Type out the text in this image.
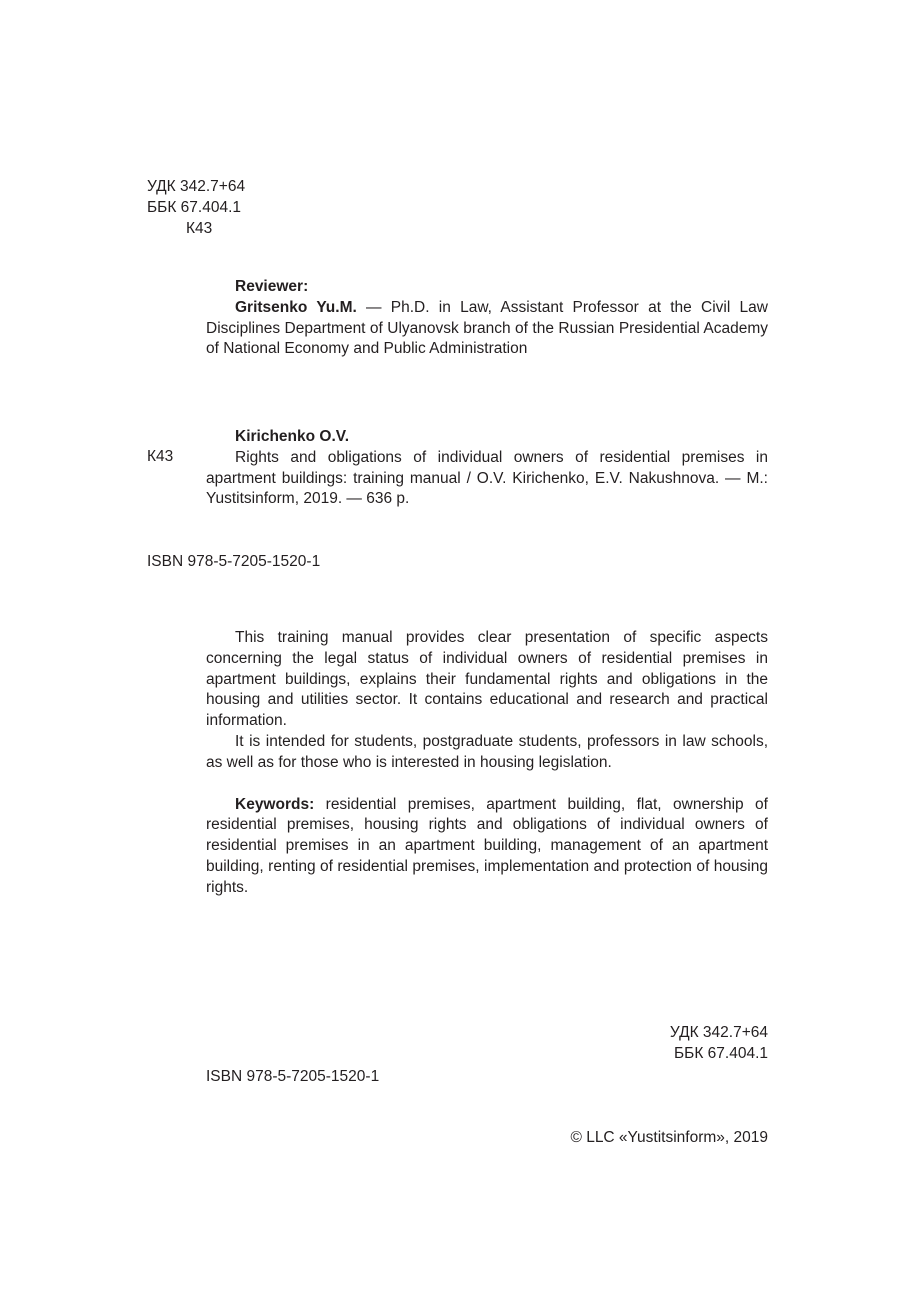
УДК 342.7+64
ББК 67.404.1
К43

Reviewer:

Gritsenko Yu.M. — Ph.D. in Law, Assistant Professor at the Civil Law Disciplines Department of Ulyanovsk branch of the Russian Presidential Academy of National Economy and Public Administration

К43

Kirichenko O.V.

Rights and obligations of individual owners of residential premises in apartment buildings: training manual / O.V. Kirichenko, E.V. Nakushnova. — M.: Yustitsinform, 2019. — 636 p.

ISBN 978-5-7205-1520-1

This training manual provides clear presentation of specific aspects concerning the legal status of individual owners of residential premises in apartment buildings, explains their fundamental rights and obligations in the housing and utilities sector. It contains educational and research and practical information.

It is intended for students, postgraduate students, professors in law schools, as well as for those who is interested in housing legislation.

Keywords: residential premises, apartment building, flat, ownership of residential premises, housing rights and obligations of individual owners of residential premises in an apartment building, management of an apartment building, renting of residential premises, implementation and protection of housing rights.

УДК 342.7+64
ББК 67.404.1
ISBN 978-5-7205-1520-1
© LLC «Yustitsinform», 2019
